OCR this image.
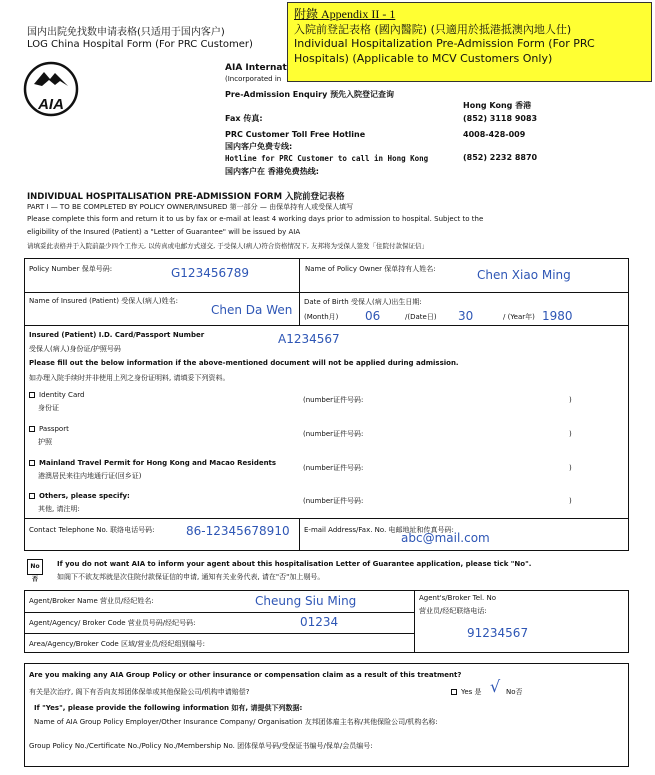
国内出院免找数申请表格(只适用于国内客户)
LOG China Hospital Form (For PRC Customer)
AIA
附錄 Appendix II - 1
入院前登記表格 (國內醫院) (只適用於抵港抵澳內地人仕)
Individual Hospitalization Pre-Admission Form (For PRC
Hospitals) (Applicable to MCV Customers Only)
AIA Internat
(Incorporated in
Pre-Admission Enquiry 预先入院登记查询
Hong Kong 香港
Fax 传真:	(852) 3118 9083
PRC Customer Toll Free Hotline	4008-428-009
国内客户免费专线:
Hotline for PRC Customer to call in Hong Kong	(852) 2232 8870
国内客户在 香港免费热线:
INDIVIDUAL HOSPITALISATION PRE-ADMISSION FORM 入院前登记表格
PART I — TO BE COMPLETED BY POLICY OWNER/INSURED 第一部分 — 由保单持有人或受保人填写
Please complete this form and return it to us by fax or e-mail at least 4 working days prior to admission to hospital. Subject to the
eligibility of the Insured (Patient) a "Letter of Guarantee" will be issued by AIA
请填妥此表格并于入院前最少四个工作天, 以传真或电邮方式递交, 于受保人(病人)符合资格情况下, 友邦将为受保人签发「住院付款保证信」
Policy Number 保单号码:	G123456789	Name of Policy Owner 保单持有人姓名:	Chen Xiao Ming
Name of Insured (Patient) 受保人(病人)姓名:
Chen Da Wen
Date of Birth 受保人(病人)出生日期:
(Month月) 06	/(Date日) 30	/ (Year年) 1980
Insured (Patient) I.D. Card/Passport Number	A1234567
受保人(病人)身份证/护照号码
Please fill out the below information if the above-mentioned document will not be applied during admission.
如办理入院手续时并非使用上列之身份证明料, 请填妥下列资料。
Identity Card
身份证
(number证件号码:	)
Passport
护照
(number证件号码:	)
Mainland Travel Permit for Hong Kong and Macao Residents
港澳居民来往内地通行证(回乡证)
(number证件号码:	)
Others, please specify:
其他, 请注明:
(number证件号码:	)
Contact Telephone No. 联络电话号码:	86-12345678910 E-mail Address/Fax. No. 电邮地址和传真号码:
abc@mail.com
No否
If you do not want AIA to inform your agent about this hospitalisation Letter of Guarantee application, please tick "No".
如阁下不欲友邦就是次住院付款保证信的申请, 通知有关业务代表, 请在"否"加上剔号。
Agent/Broker Name 营业员/经纪姓名:	Cheung Siu Ming
Agent/Agency/ Broker Code 营业员号码/经纪号码:	01234
Area/Agency/Broker Code 区域/营业员/经纪组别编号:
Agent's/Broker Tel. No
营业员/经纪联络电话:
91234567
Are you making any AIA Group Policy or other insurance or compensation claim as a result of this treatment?
有关是次治疗, 阁下有否向友邦团体保单或其他保险公司/机构申请赔偿?	Yes 是 √ No否
If "Yes", please provide the following information 如有, 请提供下列数据:
Name of AIA Group Policy Employer/Other Insurance Company/ Organisation 友邦团体雇主名称/其他保险公司/机构名称:
Group Policy No./Certificate No./Policy No./Membership No. 团体保单号码/受保证书编号/保单/会员编号:
